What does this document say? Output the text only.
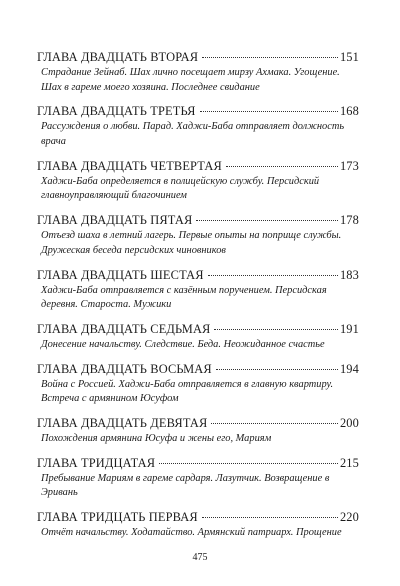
ГЛАВА ДВАДЦАТЬ ВТОРАЯ	151
Страдание Зейнаб. Шах лично посещает мирзу Ахмака. Угощение. Шах в гареме моего хозяина. Последнее свидание
ГЛАВА ДВАДЦАТЬ ТРЕТЬЯ	168
Рассуждения о любви. Парад. Хаджи-Баба отправляет должность врача
ГЛАВА ДВАДЦАТЬ ЧЕТВЕРТАЯ	173
Хаджи-Баба определяется в полицейскую службу. Персидский главноуправляющий благочинием
ГЛАВА ДВАДЦАТЬ ПЯТАЯ	178
Отъезд шаха в летний лагерь. Первые опыты на поприще службы. Дружеская беседа персидских чиновников
ГЛАВА ДВАДЦАТЬ ШЕСТАЯ	183
Хаджи-Баба отправляется с казённым поручением. Персидская деревня. Староста. Мужики
ГЛАВА ДВАДЦАТЬ СЕДЬМАЯ	191
Донесение начальству. Следствие. Беда. Неожиданное счастье
ГЛАВА ДВАДЦАТЬ ВОСЬМАЯ	194
Война с Россией. Хаджи-Баба отправляется в главную квартиру. Встреча с армянином Юсуфом
ГЛАВА ДВАДЦАТЬ ДЕВЯТАЯ	200
Похождения армянина Юсуфа и жены его, Мариям
ГЛАВА ТРИДЦАТАЯ	215
Пребывание Мариям в гареме сардаря. Лазутчик. Возвращение в Эривань
ГЛАВА ТРИДЦАТЬ ПЕРВАЯ	220
Отчёт начальству. Ходатайство. Армянский патриарх. Прощение
475
